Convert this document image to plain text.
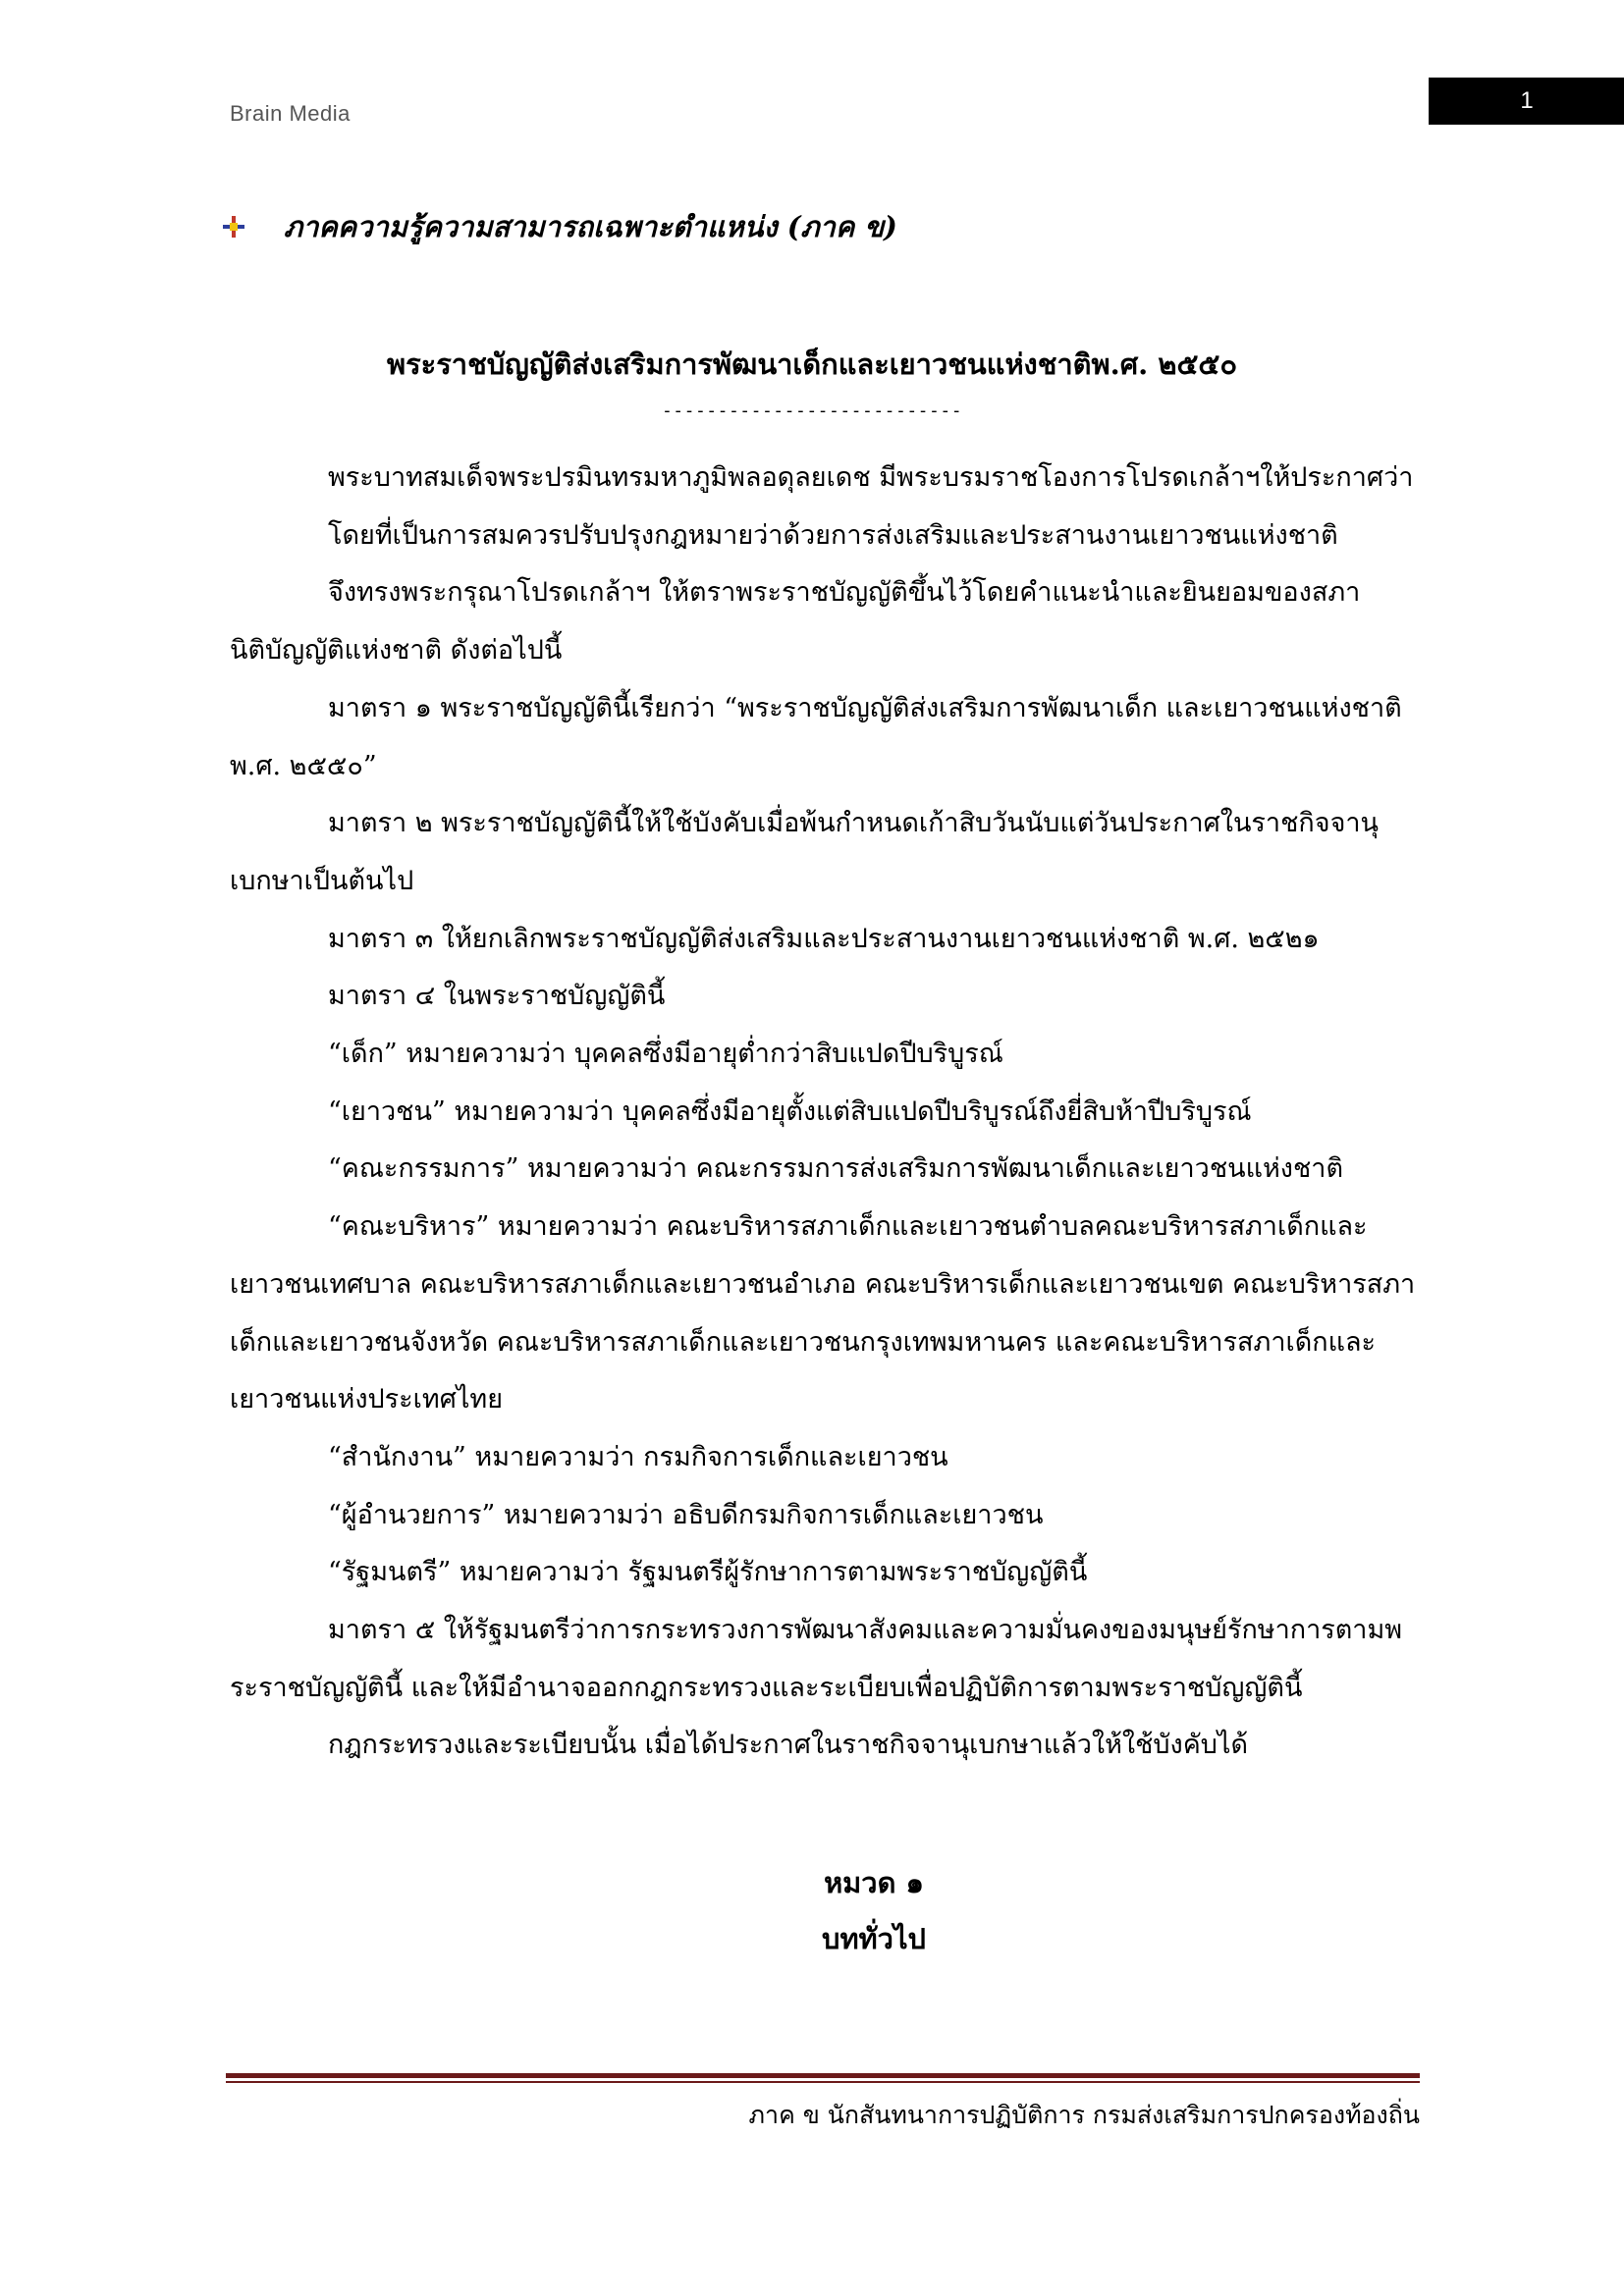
Brain Media	1
ภาคความรู้ความสามารถเฉพาะตำแหน่ง (ภาค ข)
พระราชบัญญัติส่งเสริมการพัฒนาเด็กและเยาวชนแห่งชาติพ.ศ. ๒๕๕๐
---------------------------

พระบาทสมเด็จพระปรมินทรมหาภูมิพลอดุลยเดช มีพระบรมราชโองการโปรดเกล้าฯให้ประกาศว่า

โดยที่เป็นการสมควรปรับปรุงกฎหมายว่าด้วยการส่งเสริมและประสานงานเยาวชนแห่งชาติ

จึงทรงพระกรุณาโปรดเกล้าฯ ให้ตราพระราชบัญญัติขึ้นไว้โดยคำแนะนำและยินยอมของสภานิติบัญญัติแห่งชาติ ดังต่อไปนี้

มาตรา ๑ พระราชบัญญัตินี้เรียกว่า “พระราชบัญญัติส่งเสริมการพัฒนาเด็ก และเยาวชนแห่งชาติ พ.ศ. ๒๕๕๐”

มาตรา ๒ พระราชบัญญัตินี้ให้ใช้บังคับเมื่อพ้นกำหนดเก้าสิบวันนับแต่วันประกาศในราชกิจจานุเบกษาเป็นต้นไป

มาตรา ๓ ให้ยกเลิกพระราชบัญญัติส่งเสริมและประสานงานเยาวชนแห่งชาติ พ.ศ. ๒๕๒๑

มาตรา ๔ ในพระราชบัญญัตินี้

“เด็ก” หมายความว่า บุคคลซึ่งมีอายุต่ำกว่าสิบแปดปีบริบูรณ์

“เยาวชน” หมายความว่า บุคคลซึ่งมีอายุตั้งแต่สิบแปดปีบริบูรณ์ถึงยี่สิบห้าปีบริบูรณ์

“คณะกรรมการ” หมายความว่า คณะกรรมการส่งเสริมการพัฒนาเด็กและเยาวชนแห่งชาติ

“คณะบริหาร” หมายความว่า คณะบริหารสภาเด็กและเยาวชนตำบลคณะบริหารสภาเด็กและเยาวชนเทศบาล คณะบริหารสภาเด็กและเยาวชนอำเภอ คณะบริหารเด็กและเยาวชนเขต คณะบริหารสภาเด็กและเยาวชนจังหวัด คณะบริหารสภาเด็กและเยาวชนกรุงเทพมหานคร และคณะบริหารสภาเด็กและเยาวชนแห่งประเทศไทย

“สำนักงาน” หมายความว่า กรมกิจการเด็กและเยาวชน

“ผู้อำนวยการ” หมายความว่า อธิบดีกรมกิจการเด็กและเยาวชน

“รัฐมนตรี” หมายความว่า รัฐมนตรีผู้รักษาการตามพระราชบัญญัตินี้

มาตรา ๕ ให้รัฐมนตรีว่าการกระทรวงการพัฒนาสังคมและความมั่นคงของมนุษย์รักษาการตามพระราชบัญญัตินี้ และให้มีอำนาจออกกฎกระทรวงและระเบียบเพื่อปฏิบัติการตามพระราชบัญญัตินี้

กฎกระทรวงและระเบียบนั้น เมื่อได้ประกาศในราชกิจจานุเบกษาแล้วให้ใช้บังคับได้

หมวด ๑
บททั่วไป
ภาค ข นักสันทนาการปฏิบัติการ กรมส่งเสริมการปกครองท้องถิ่น
